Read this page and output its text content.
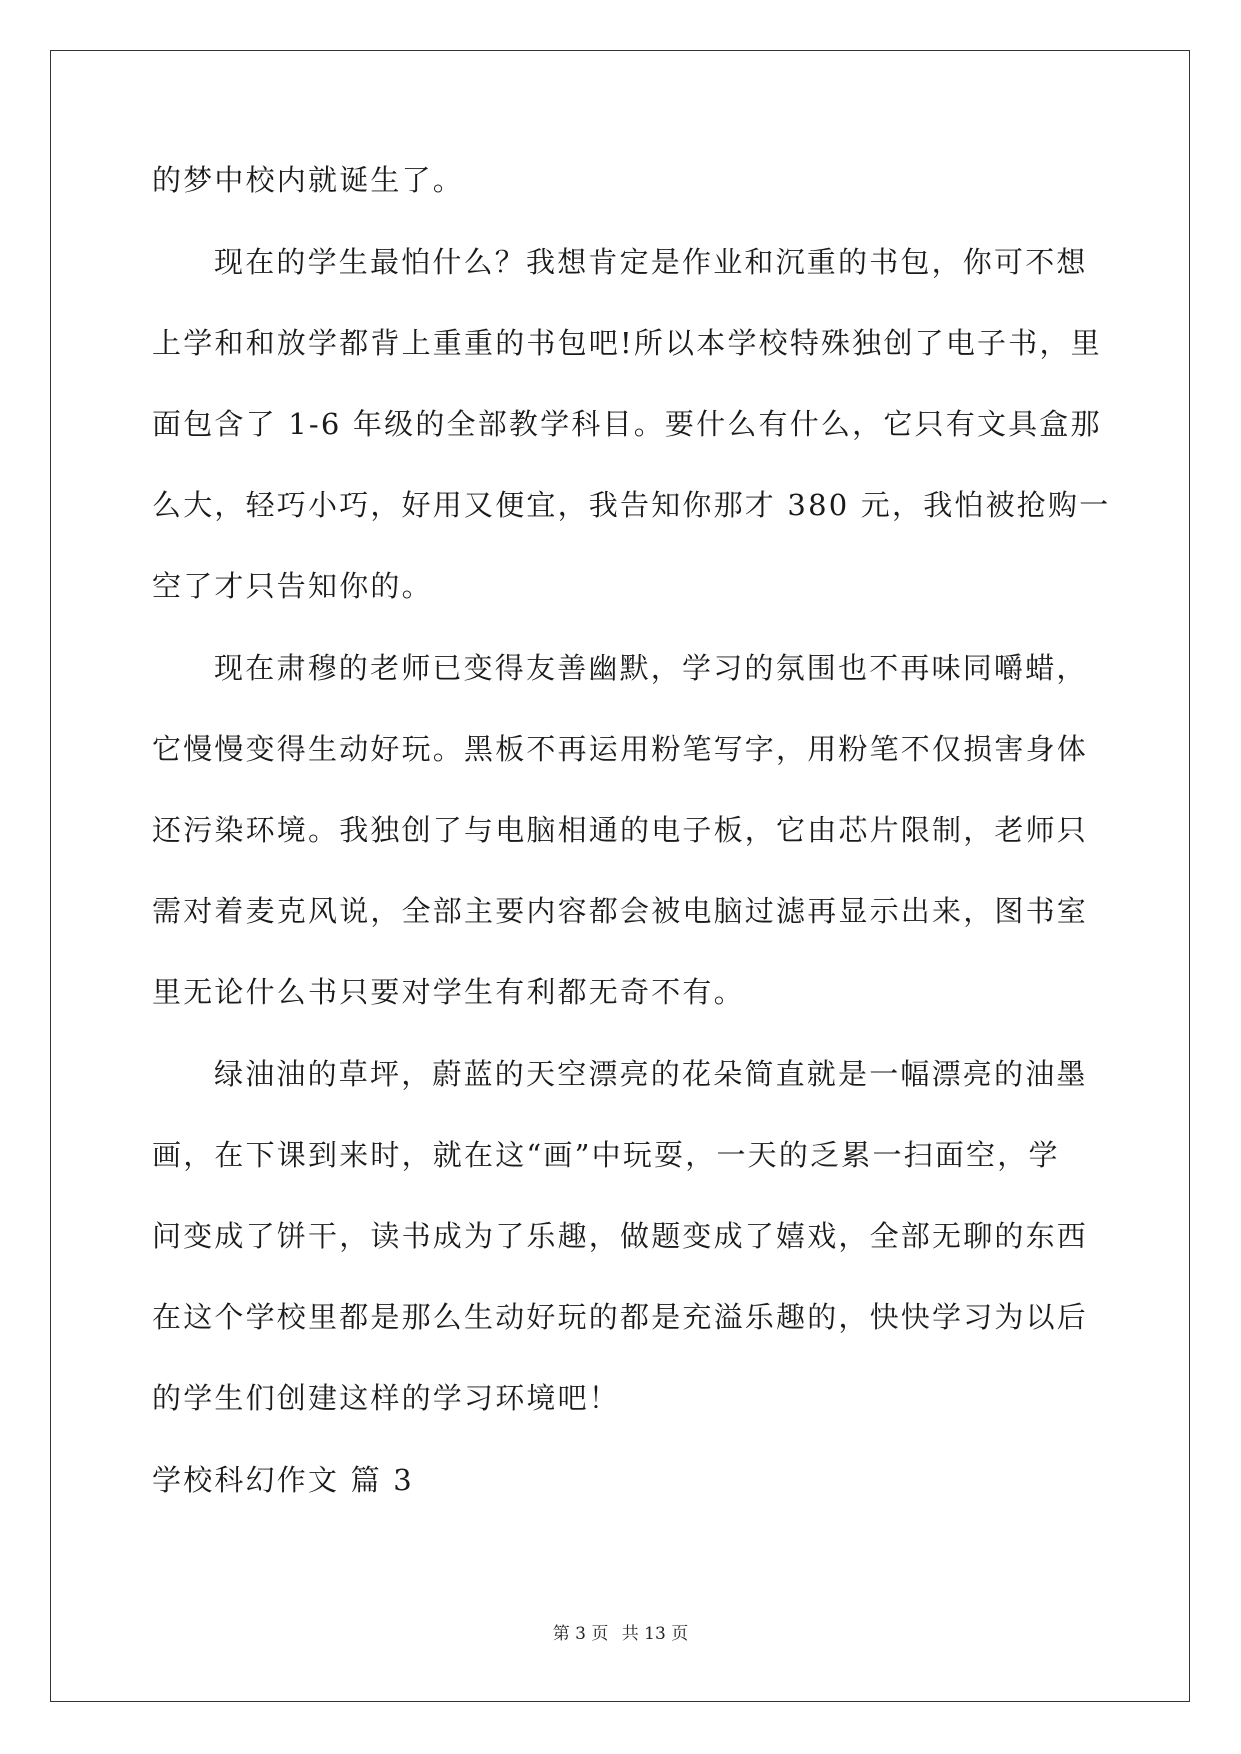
的梦中校内就诞生了。
现在的学生最怕什么？我想肯定是作业和沉重的书包，你可不想
上学和和放学都背上重重的书包吧!所以本学校特殊独创了电子书，里
面包含了 1-6 年级的全部教学科目。要什么有什么，它只有文具盒那
么大，轻巧小巧，好用又便宜，我告知你那才 380 元，我怕被抢购一
空了才只告知你的。
现在肃穆的老师已变得友善幽默，学习的氛围也不再味同嚼蜡，
它慢慢变得生动好玩。黑板不再运用粉笔写字，用粉笔不仅损害身体
还污染环境。我独创了与电脑相通的电子板，它由芯片限制，老师只
需对着麦克风说，全部主要内容都会被电脑过滤再显示出来，图书室
里无论什么书只要对学生有利都无奇不有。
绿油油的草坪，蔚蓝的天空漂亮的花朵简直就是一幅漂亮的油墨
画，在下课到来时，就在这“画”中玩耍，一天的乏累一扫面空，学
问变成了饼干，读书成为了乐趣，做题变成了嬉戏，全部无聊的东西
在这个学校里都是那么生动好玩的都是充溢乐趣的，快快学习为以后
的学生们创建这样的学习环境吧！
学校科幻作文 篇 3
第 3 页 共 13 页
